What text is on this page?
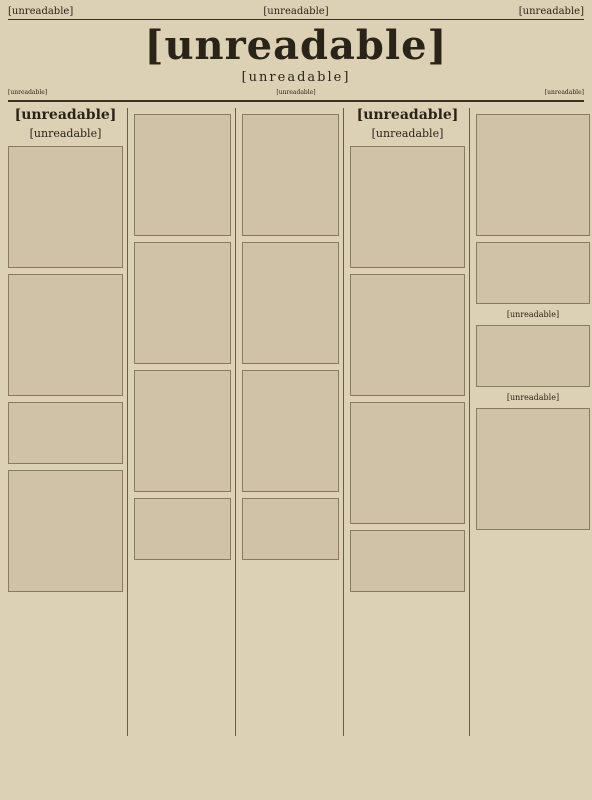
[unreadable]	[unreadable]	[unreadable]
[unreadable]
[unreadable]
[unreadable]	[unreadable]	[unreadable]
[unreadable]
[unreadable]
[unreadable]
[unreadable]
[unreadable]
[unreadable]
